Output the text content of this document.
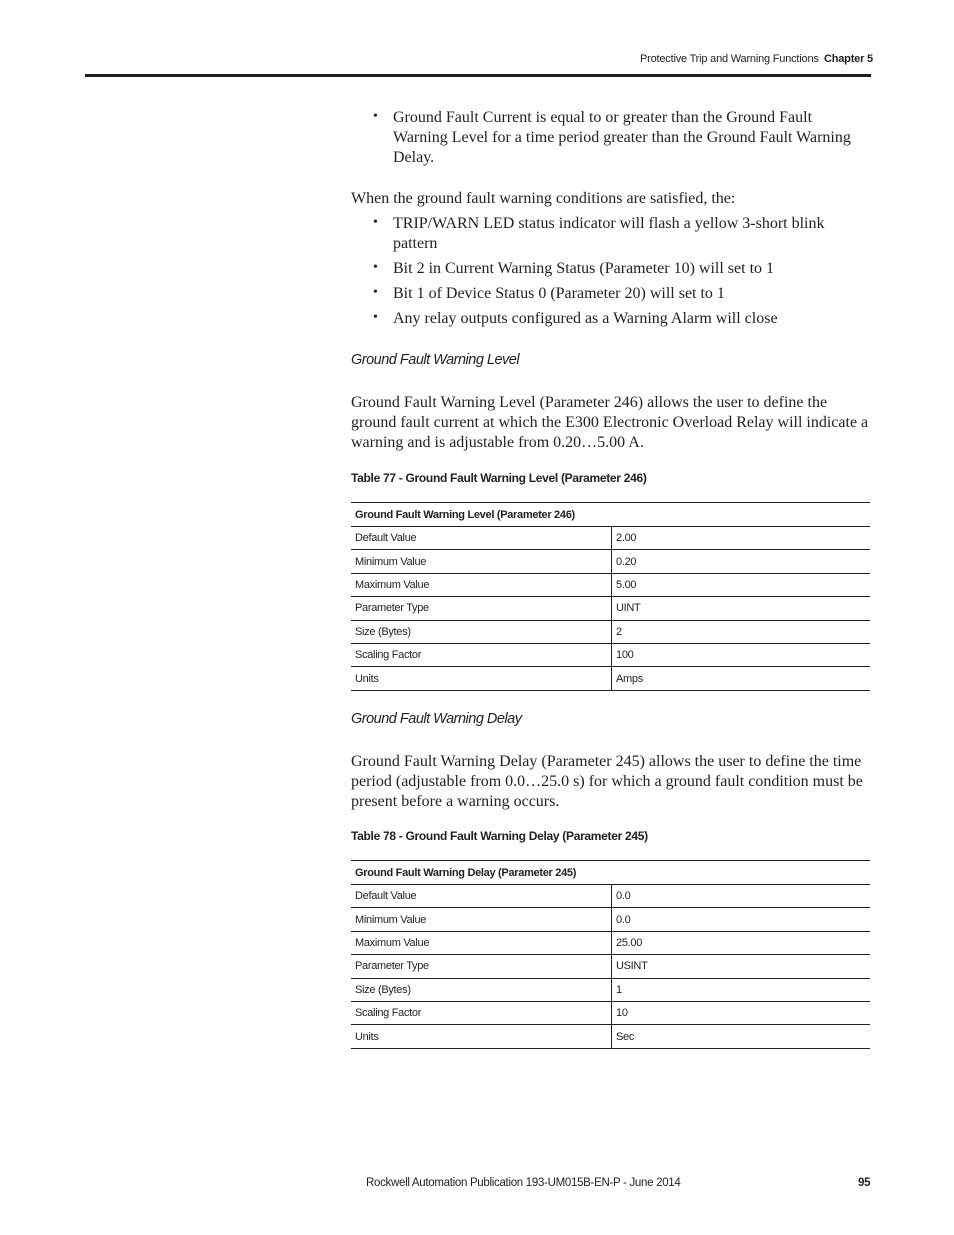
Protective Trip and Warning Functions Chapter 5
• Ground Fault Current is equal to or greater than the Ground Fault
Warning Level for a time period greater than the Ground Fault Warning
Delay.
When the ground fault warning conditions are satisfied, the:
• TRIP/WARN LED status indicator will flash a yellow 3-short blink
pattern
• Bit 2 in Current Warning Status (Parameter 10) will set to 1
• Bit 1 of Device Status 0 (Parameter 20) will set to 1
• Any relay outputs configured as a Warning Alarm will close
Ground Fault Warning Level
Ground Fault Warning Level (Parameter 246) allows the user to define the
ground fault current at which the E300 Electronic Overload Relay will indicate a
warning and is adjustable from 0.20…5.00 A.
Table 77 - Ground Fault Warning Level (Parameter 246)
Ground Fault Warning Level (Parameter 246)	
Default Value	2.00
Minimum Value	0.20
Maximum Value	5.00
Parameter Type	UINT
Size (Bytes)	2
Scaling Factor	100
Units	Amps
Ground Fault Warning Delay
Ground Fault Warning Delay (Parameter 245) allows the user to define the time
period (adjustable from 0.0…25.0 s) for which a ground fault condition must be
present before a warning occurs.
Table 78 - Ground Fault Warning Delay (Parameter 245)
Ground Fault Warning Delay (Parameter 245)	
Default Value	0.0
Minimum Value	0.0
Maximum Value	25.00
Parameter Type	USINT
Size (Bytes)	1
Scaling Factor	10
Units	Sec
Rockwell Automation Publication 193-UM015B-EN-P - June 2014	95
